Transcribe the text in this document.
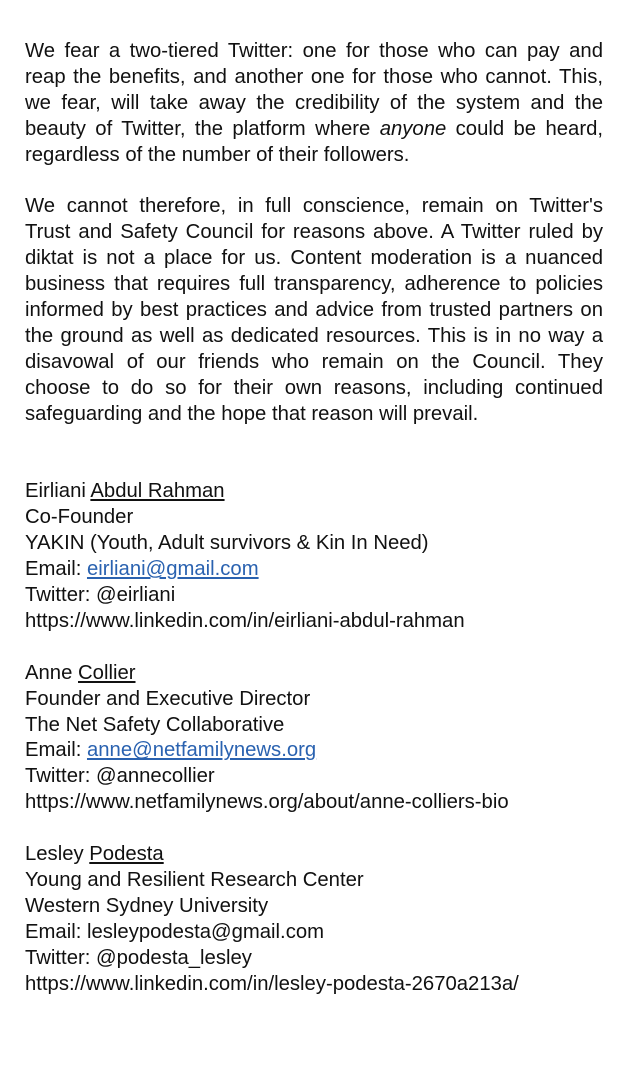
We fear a two-tiered Twitter: one for those who can pay and reap the benefits, and another one for those who cannot. This, we fear, will take away the credibility of the system and the beauty of Twitter, the platform where anyone could be heard, regardless of the number of their followers.

We cannot therefore, in full conscience, remain on Twitter's Trust and Safety Council for reasons above. A Twitter ruled by diktat is not a place for us. Content moderation is a nuanced business that requires full transparency, adherence to policies informed by best practices and advice from trusted partners on the ground as well as dedicated resources. This is in no way a disavowal of our friends who remain on the Council. They choose to do so for their own reasons, including continued safeguarding and the hope that reason will prevail.

Eirliani Abdul Rahman
Co-Founder
YAKIN (Youth, Adult survivors & Kin In Need)
Email: eirliani@gmail.com
Twitter: @eirliani
https://www.linkedin.com/in/eirliani-abdul-rahman
Anne Collier
Founder and Executive Director
The Net Safety Collaborative
Email: anne@netfamilynews.org
Twitter: @annecollier
https://www.netfamilynews.org/about/anne-colliers-bio
Lesley Podesta
Young and Resilient Research Center
Western Sydney University
Email: lesleypodesta@gmail.com
Twitter: @podesta_lesley
https://www.linkedin.com/in/lesley-podesta-2670a213a/
